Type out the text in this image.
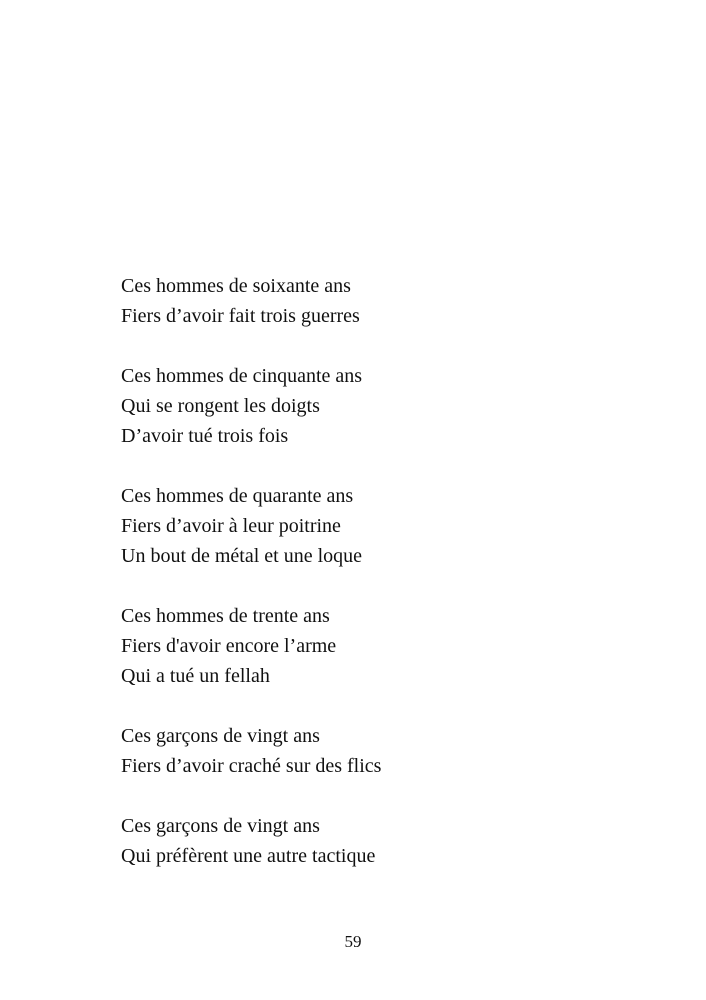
Ces hommes de soixante ans
Fiers d’avoir fait trois guerres
Ces hommes de cinquante ans
Qui se rongent les doigts
D’avoir tué trois fois
Ces hommes de quarante ans
Fiers d’avoir à leur poitrine
Un bout de métal et une loque
Ces hommes de trente ans
Fiers d'avoir encore l’arme
Qui a tué un fellah
Ces garçons de vingt ans
Fiers d’avoir craché sur des flics
Ces garçons de vingt ans
Qui préfèrent une autre tactique
59
